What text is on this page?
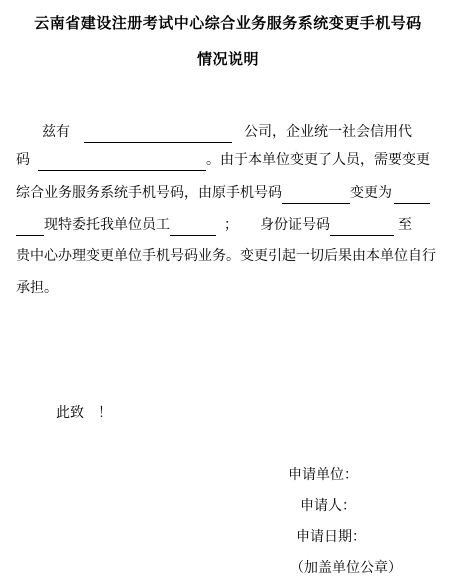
云南省建设注册考试中心综合业务服务系统变更手机号码
情况说明
兹有	公司，企业统一社会信用代
码	。由于本单位变更了人员，需要变更
综合业务服务系统手机号码，由原手机号码	变更为
现特委托我单位员工	； 身份证号码	至
贵中心办理变更单位手机号码业务。变更引起一切后果由本单位自行
承担。
此致　！
申请单位：
申请人：
申请日期：
（加盖单位公章）
